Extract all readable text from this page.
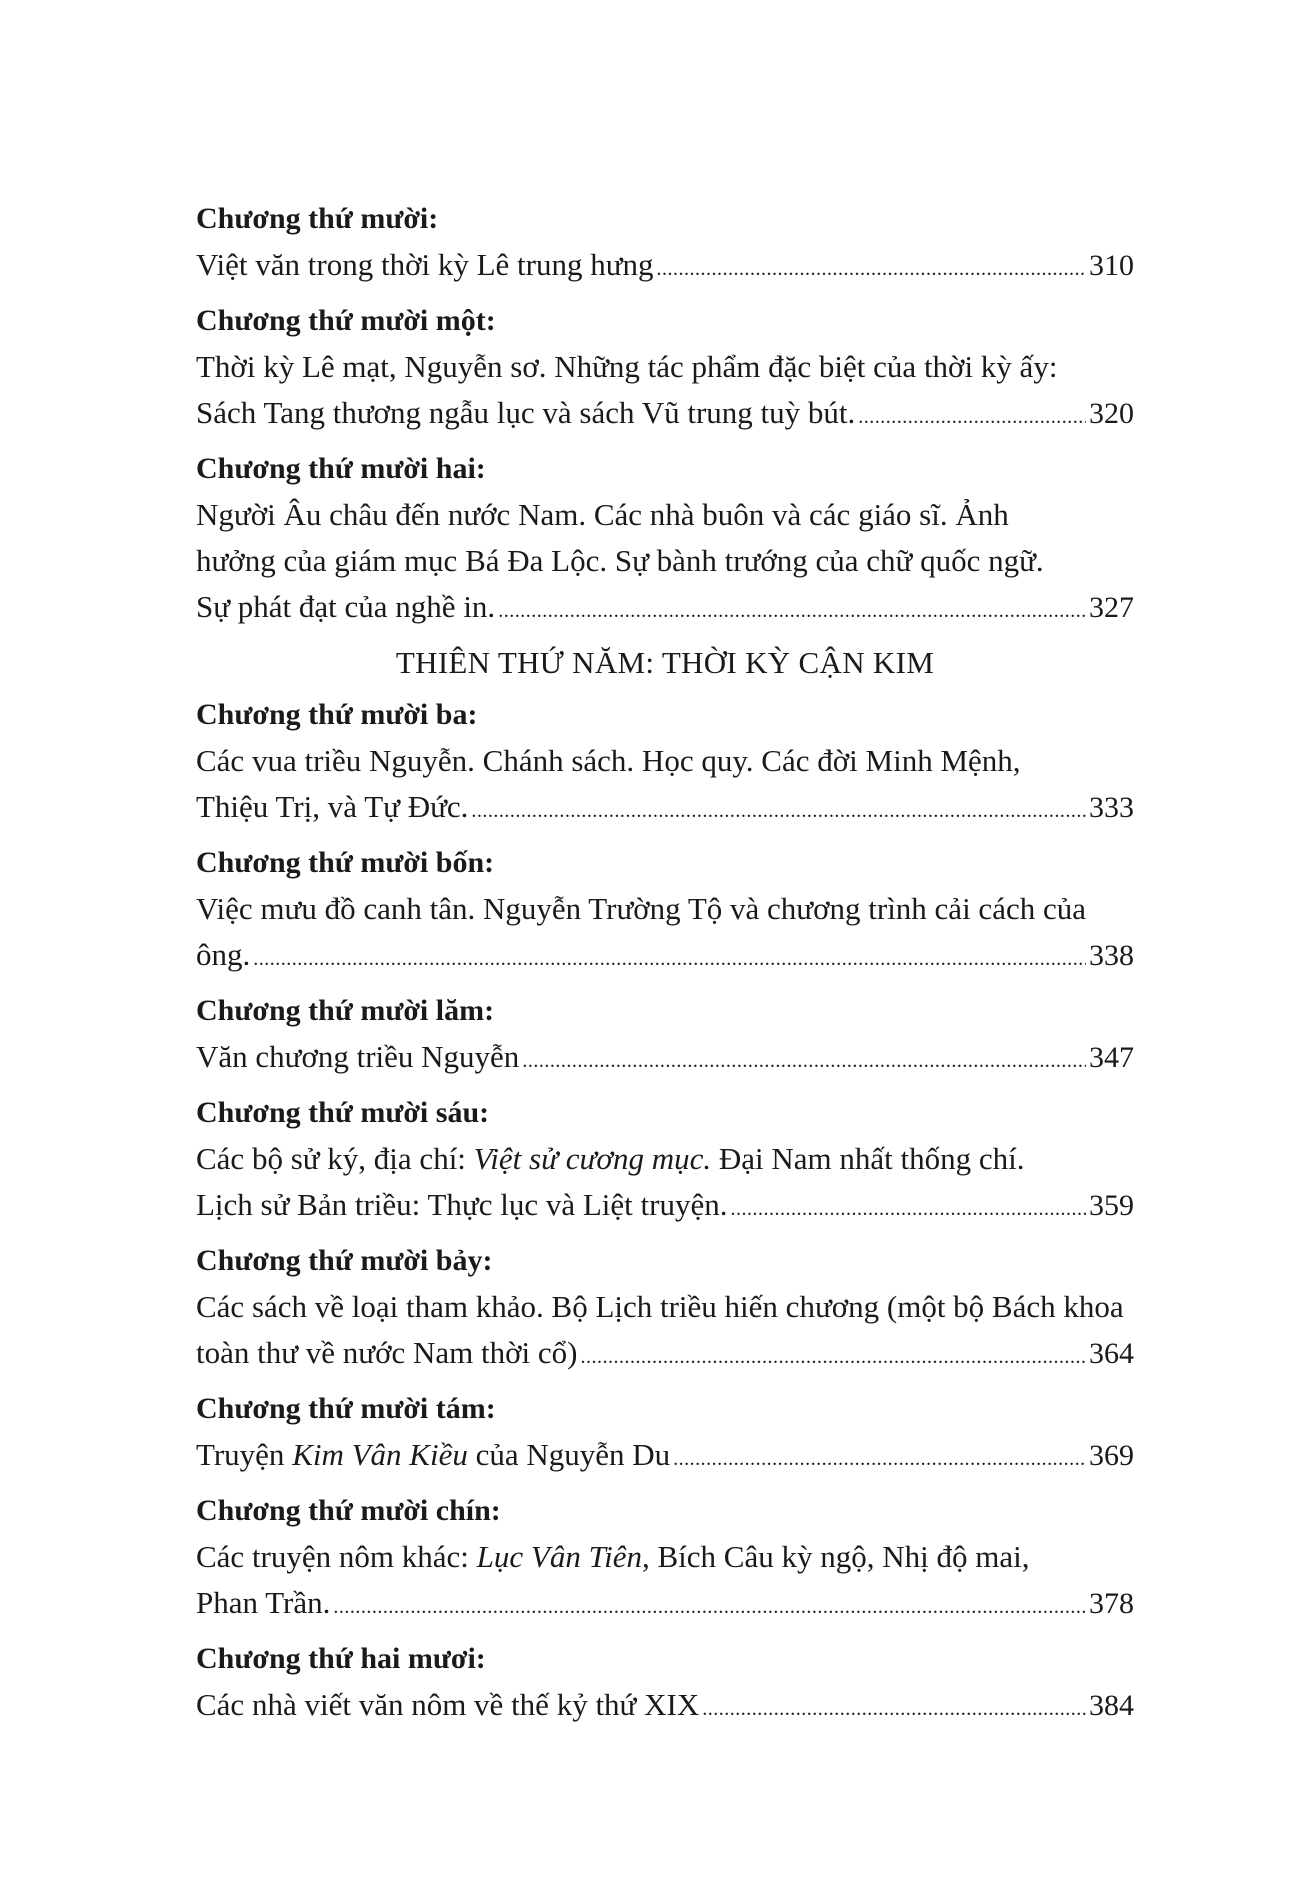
Chương thứ mười:
Việt văn trong thời kỳ Lê trung hưng .....	310
Chương thứ mười một:
Thời kỳ Lê mạt, Nguyễn sơ. Những tác phẩm đặc biệt của thời kỳ ấy:
Sách Tang thương ngẫu lục và sách Vũ trung tuỳ bút. .....	320
Chương thứ mười hai:
Người Âu châu đến nước Nam. Các nhà buôn và các giáo sĩ. Ảnh
hưởng của giám mục Bá Đa Lộc. Sự bành trướng của chữ quốc ngữ.
Sự phát đạt của nghề in. .....	327
THIÊN THỨ NĂM: THỜI KỲ CẬN KIM
Chương thứ mười ba:
Các vua triều Nguyễn. Chánh sách. Học quy. Các đời Minh Mệnh,
Thiệu Trị, và Tự Đức. .....	333
Chương thứ mười bốn:
Việc mưu đồ canh tân. Nguyễn Trường Tộ và chương trình cải cách của
ông. .....	338
Chương thứ mười lăm:
Văn chương triều Nguyễn .....	347
Chương thứ mười sáu:
Các bộ sử ký, địa chí: Việt sử cương mục. Đại Nam nhất thống chí.
Lịch sử Bản triều: Thực lục và Liệt truyện. .....	359
Chương thứ mười bảy:
Các sách về loại tham khảo. Bộ Lịch triều hiến chương (một bộ Bách khoa
toàn thư về nước Nam thời cổ) .....	364
Chương thứ mười tám:
Truyện Kim Vân Kiều của Nguyễn Du .....	369
Chương thứ mười chín:
Các truyện nôm khác: Lục Vân Tiên, Bích Câu kỳ ngộ, Nhị độ mai,
Phan Trần. .....	378
Chương thứ hai mươi:
Các nhà viết văn nôm về thế kỷ thứ XIX .....	384
